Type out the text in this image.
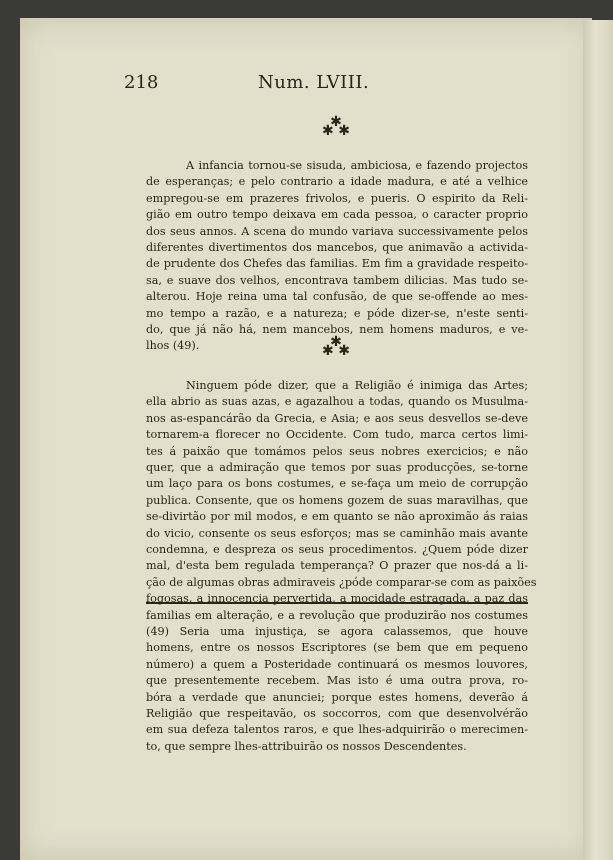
218	Num. LVIII.
✱
✱ ✱
A infancia tornou-se sisuda, ambiciosa, e fazendo projectos
de esperanças; e pelo contrario a idade madura, e até a velhice
empregou-se em prazeres frivolos, e pueris. O espirito da Reli-
gião em outro tempo deixava em cada pessoa, o caracter proprio
dos seus annos. A scena do mundo variava successivamente pelos
diferentes divertimentos dos mancebos, que animavão a activida-
de prudente dos Chefes das familias. Em fim a gravidade respeito-
sa, e suave dos velhos, encontrava tambem dilicias. Mas tudo se-
alterou. Hoje reina uma tal confusão, de que se-offende ao mes-
mo tempo a razão, e a natureza; e póde dizer-se, n'este senti-
do, que já não há, nem mancebos, nem homens maduros, e ve-
lhos (49).	✱
✱ ✱
Ninguem póde dizer, que a Religião é inimiga das Artes;
ella abrio as suas azas, e agazalhou a todas, quando os Musulma-
nos as-espancárão da Grecia, e Asia; e aos seus desvellos se-deve
tornarem-a florecer no Occidente. Com tudo, marca certos limi-
tes á paixão que tomámos pelos seus nobres exercicios; e não
quer, que a admiração que temos por suas producções, se-torne
um laço para os bons costumes, e se-faça um meio de corrupção
publica. Consente, que os homens gozem de suas maravilhas, que
se-divirtão por mil modos, e em quanto se não aproximão ás raias
do vicio, consente os seus esforços; mas se caminhão mais avante
condemna, e despreza os seus procedimentos. ¿Quem póde dizer
mal, d'esta bem regulada temperança? O prazer que nos-dá a li-
ção de algumas obras admiraveis ¿póde comparar-se com as paixões
fogosas, a innocencia pervertida, a mocidade estragada, a paz das
familias em alteração, e a revolução que produzirão nos costumes
(49) Seria uma injustiça, se agora calassemos, que houve
homens, entre os nossos Escriptores (se bem que em pequeno
número) a quem a Posteridade continuará os mesmos louvores,
que presentemente recebem. Mas isto é uma outra prova, ro-
bóra a verdade que anunciei; porque estes homens, deverão á
Religião que respeitavão, os soccorros, com que desenvolvérão
em sua defeza talentos raros, e que lhes-adquirirão o merecimen-
to, que sempre lhes-attribuirão os nossos Descendentes.
